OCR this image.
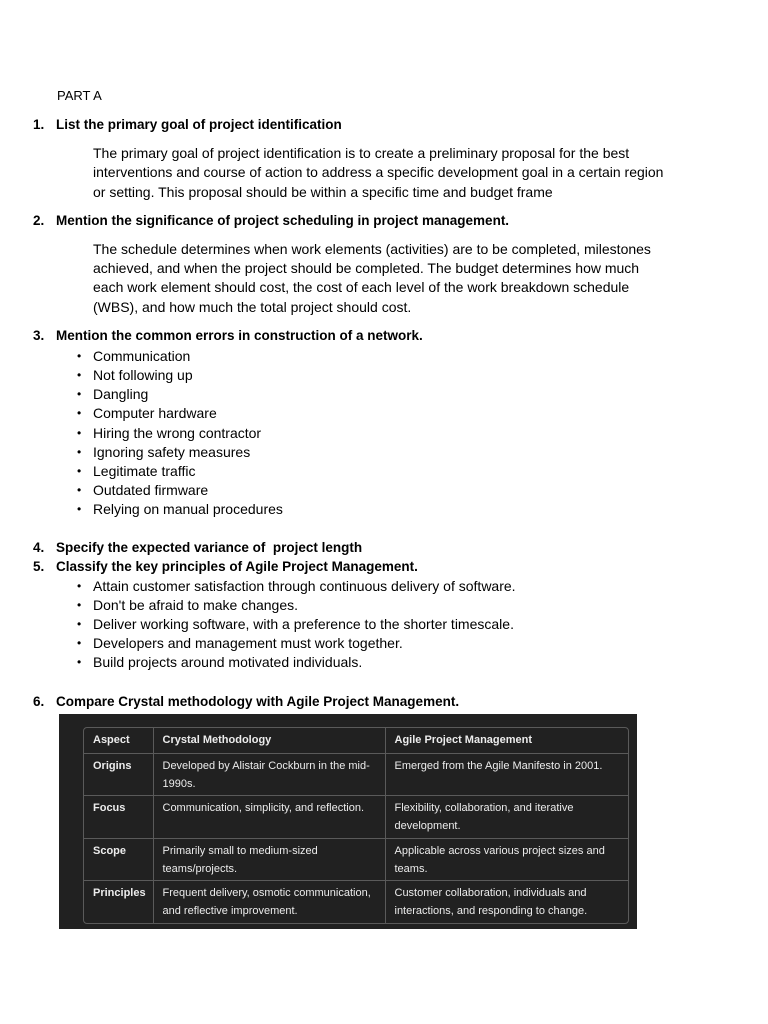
PART A
1. List the primary goal of project identification
The primary goal of project identification is to create a preliminary proposal for the best
interventions and course of action to address a specific development goal in a certain region
or setting. This proposal should be within a specific time and budget frame
2. Mention the significance of project scheduling in project management.
The schedule determines when work elements (activities) are to be completed, milestones
achieved, and when the project should be completed. The budget determines how much
each work element should cost, the cost of each level of the work breakdown schedule
(WBS), and how much the total project should cost.
3. Mention the common errors in construction of a network.
• Communication
• Not following up
• Dangling
• Computer hardware
• Hiring the wrong contractor
• Ignoring safety measures
• Legitimate traffic
• Outdated firmware
• Relying on manual procedures
4. Specify the expected variance of  project length
5. Classify the key principles of Agile Project Management.
• Attain customer satisfaction through continuous delivery of software.
• Don't be afraid to make changes.
• Deliver working software, with a preference to the shorter timescale.
• Developers and management must work together.
• Build projects around motivated individuals.
6. Compare Crystal methodology with Agile Project Management.
Aspect	Crystal Methodology	Agile Project Management
Origins	Developed by Alistair Cockburn in the mid-1990s.	Emerged from the Agile Manifesto in 2001.
Focus	Communication, simplicity, and reflection.	Flexibility, collaboration, and iterative development.
Scope	Primarily small to medium-sized teams/projects.	Applicable across various project sizes and teams.
Principles	Frequent delivery, osmotic communication, and reflective improvement.	Customer collaboration, individuals and interactions, and responding to change.
